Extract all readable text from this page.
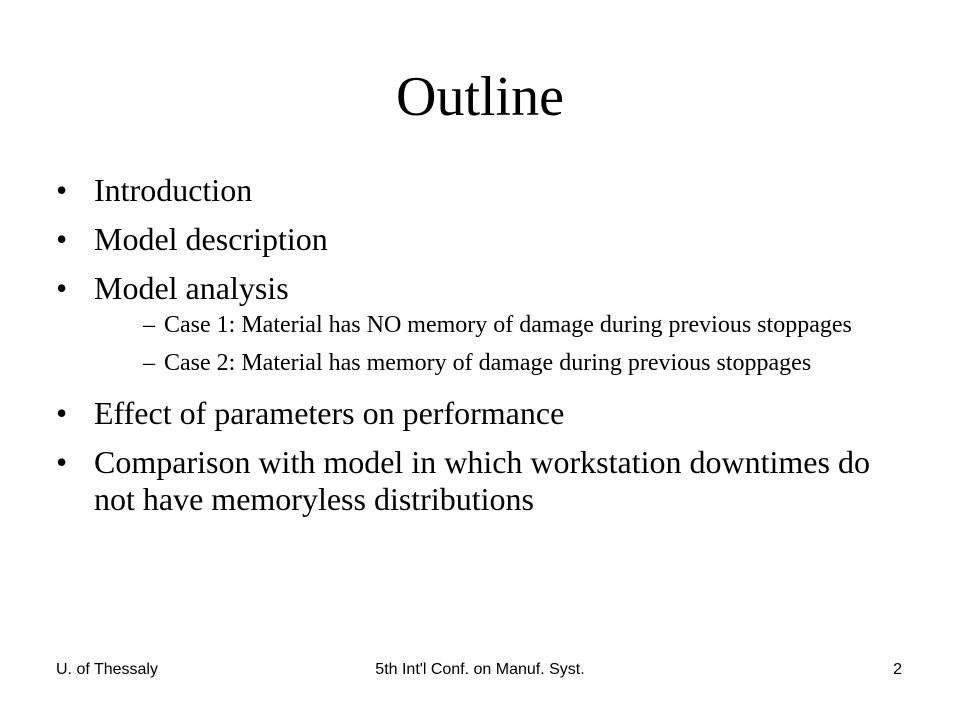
Outline
• Introduction
• Model description
• Model analysis
– Case 1: Material has NO memory of damage during previous stoppages
– Case 2: Material has memory of damage during previous stoppages
• Effect of parameters on performance
• Comparison with model in which workstation downtimes do not have memoryless distributions
U. of Thessaly	5th Int'l Conf. on Manuf. Syst.	2
